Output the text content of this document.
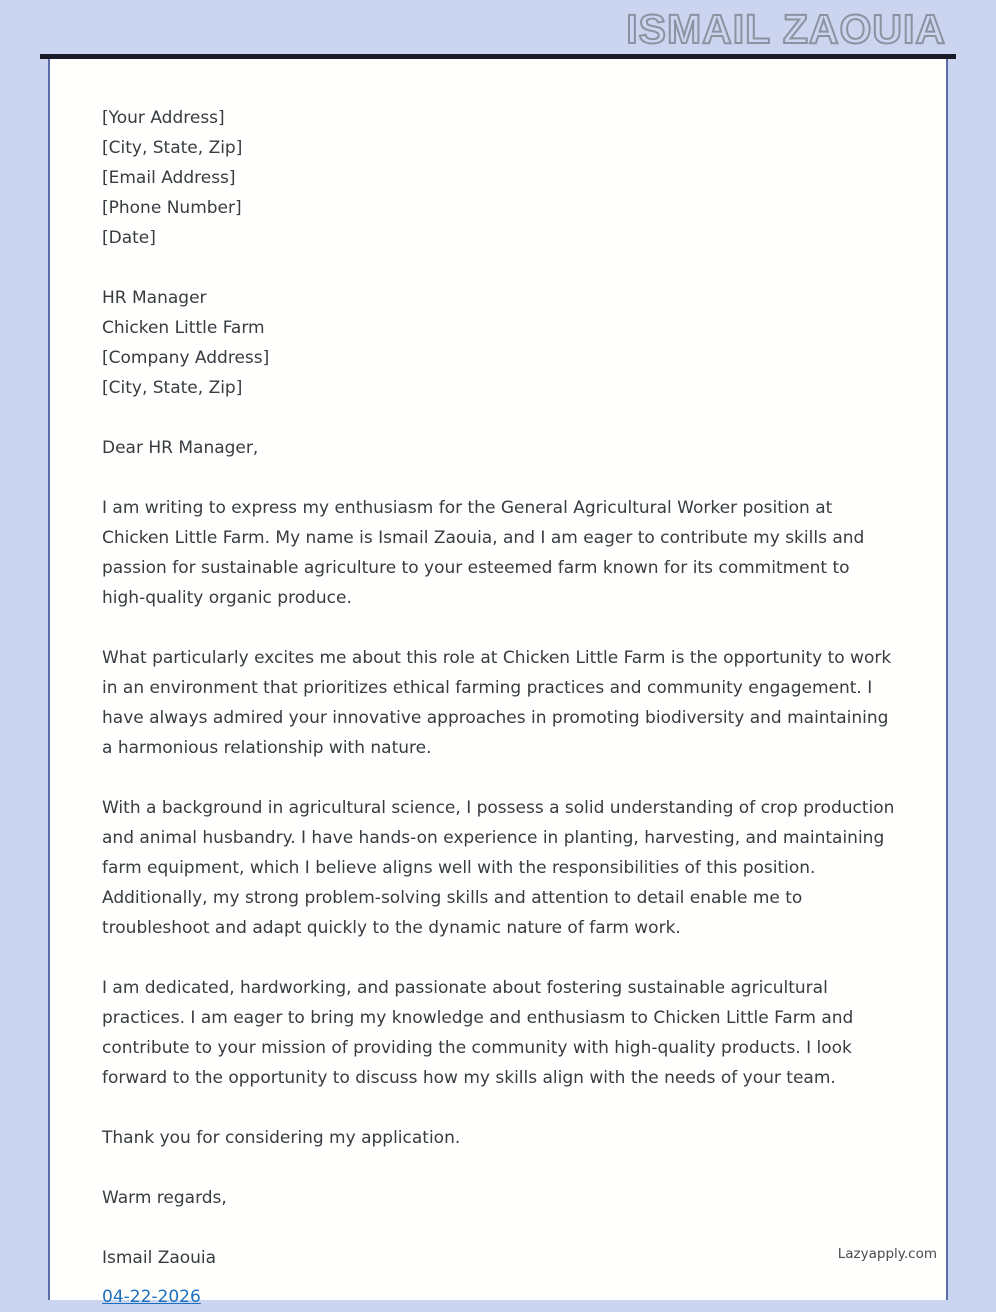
ISMAIL ZAOUIA
[Your Address]
[City, State, Zip]
[Email Address]
[Phone Number]
[Date]
HR Manager
Chicken Little Farm
[Company Address]
[City, State, Zip]
Dear HR Manager,

I am writing to express my enthusiasm for the General Agricultural Worker position at Chicken Little Farm. My name is Ismail Zaouia, and I am eager to contribute my skills and passion for sustainable agriculture to your esteemed farm known for its commitment to high-quality organic produce.

What particularly excites me about this role at Chicken Little Farm is the opportunity to work in an environment that prioritizes ethical farming practices and community engagement. I have always admired your innovative approaches in promoting biodiversity and maintaining a harmonious relationship with nature.

With a background in agricultural science, I possess a solid understanding of crop production and animal husbandry. I have hands-on experience in planting, harvesting, and maintaining farm equipment, which I believe aligns well with the responsibilities of this position. Additionally, my strong problem-solving skills and attention to detail enable me to troubleshoot and adapt quickly to the dynamic nature of farm work.

I am dedicated, hardworking, and passionate about fostering sustainable agricultural practices. I am eager to bring my knowledge and enthusiasm to Chicken Little Farm and contribute to your mission of providing the community with high-quality products. I look forward to the opportunity to discuss how my skills align with the needs of your team.

Thank you for considering my application.

Warm regards,

Ismail Zaouia
04-22-2026
Lazyapply.com
